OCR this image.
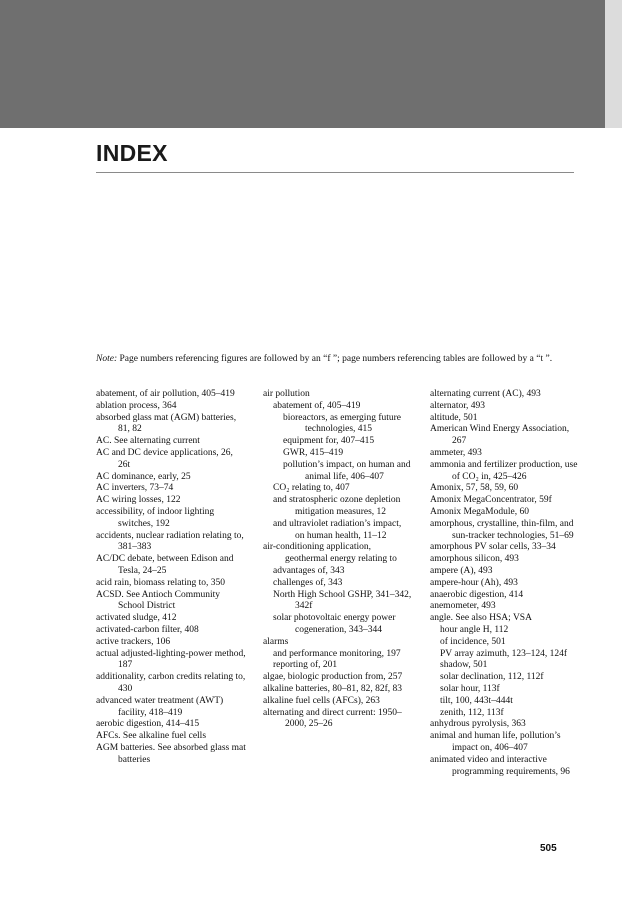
INDEX
Note: Page numbers referencing figures are followed by an “f ”; page numbers referencing tables are followed by a “t ”.
abatement, of air pollution, 405–419
ablation process, 364
absorbed glass mat (AGM) batteries, 81, 82
AC. See alternating current
AC and DC device applications, 26, 26t
AC dominance, early, 25
AC inverters, 73–74
AC wiring losses, 122
accessibility, of indoor lighting switches, 192
accidents, nuclear radiation relating to, 381–383
AC/DC debate, between Edison and Tesla, 24–25
acid rain, biomass relating to, 350
ACSD. See Antioch Community School District
activated sludge, 412
activated-carbon filter, 408
active trackers, 106
actual adjusted-lighting-power method, 187
additionality, carbon credits relating to, 430
advanced water treatment (AWT) facility, 418–419
aerobic digestion, 414–415
AFCs. See alkaline fuel cells
AGM batteries. See absorbed glass mat batteries
air pollution
abatement of, 405–419
bioreactors, as emerging future technologies, 415
equipment for, 407–415
GWR, 415–419
pollution’s impact, on human and animal life, 406–407
CO₂ relating to, 407
and stratospheric ozone depletion mitigation measures, 12
and ultraviolet radiation’s impact, on human health, 11–12
air-conditioning application, geothermal energy relating to
advantages of, 343
challenges of, 343
North High School GSHP, 341–342, 342f
solar photovoltaic energy power cogeneration, 343–344
alarms
and performance monitoring, 197
reporting of, 201
algae, biologic production from, 257
alkaline batteries, 80–81, 82, 82f, 83
alkaline fuel cells (AFCs), 263
alternating and direct current: 1950–2000, 25–26
alternating current (AC), 493
alternator, 493
altitude, 501
American Wind Energy Association, 267
ammeter, 493
ammonia and fertilizer production, use of CO₂ in, 425–426
Amonix, 57, 58, 59, 60
Amonix MegaConcentrator, 59f
Amonix MegaModule, 60
amorphous, crystalline, thin-film, and sun-tracker technologies, 51–69
amorphous PV solar cells, 33–34
amorphous silicon, 493
ampere (A), 493
ampere-hour (Ah), 493
anaerobic digestion, 414
anemometer, 493
angle. See also HSA; VSA
hour angle H, 112
of incidence, 501
PV array azimuth, 123–124, 124f
shadow, 501
solar declination, 112, 112f
solar hour, 113f
tilt, 100, 443t–444t
zenith, 112, 113f
anhydrous pyrolysis, 363
animal and human life, pollution’s impact on, 406–407
animated video and interactive programming requirements, 96
505
